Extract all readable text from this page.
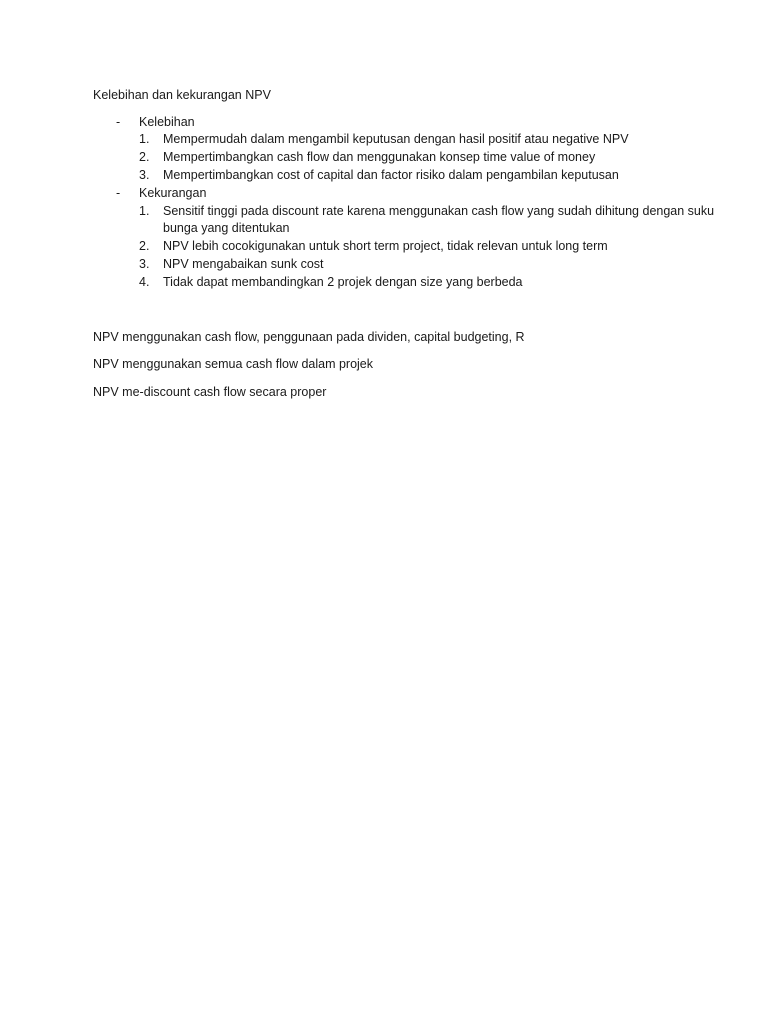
Kelebihan dan kekurangan NPV
- Kelebihan
1. Mempermudah dalam mengambil keputusan dengan hasil positif atau negative NPV
2. Mempertimbangkan cash flow dan menggunakan konsep time value of money
3. Mempertimbangkan cost of capital dan factor risiko dalam pengambilan keputusan
- Kekurangan
1. Sensitif tinggi pada discount rate karena menggunakan cash flow yang sudah dihitung dengan suku bunga yang ditentukan
2. NPV lebih cocokigunakan untuk short term project, tidak relevan untuk long term
3. NPV mengabaikan sunk cost
4. Tidak dapat membandingkan 2 projek dengan size yang berbeda

NPV menggunakan cash flow, penggunaan pada dividen, capital budgeting, R

NPV menggunakan semua cash flow dalam projek

NPV me-discount cash flow secara proper
